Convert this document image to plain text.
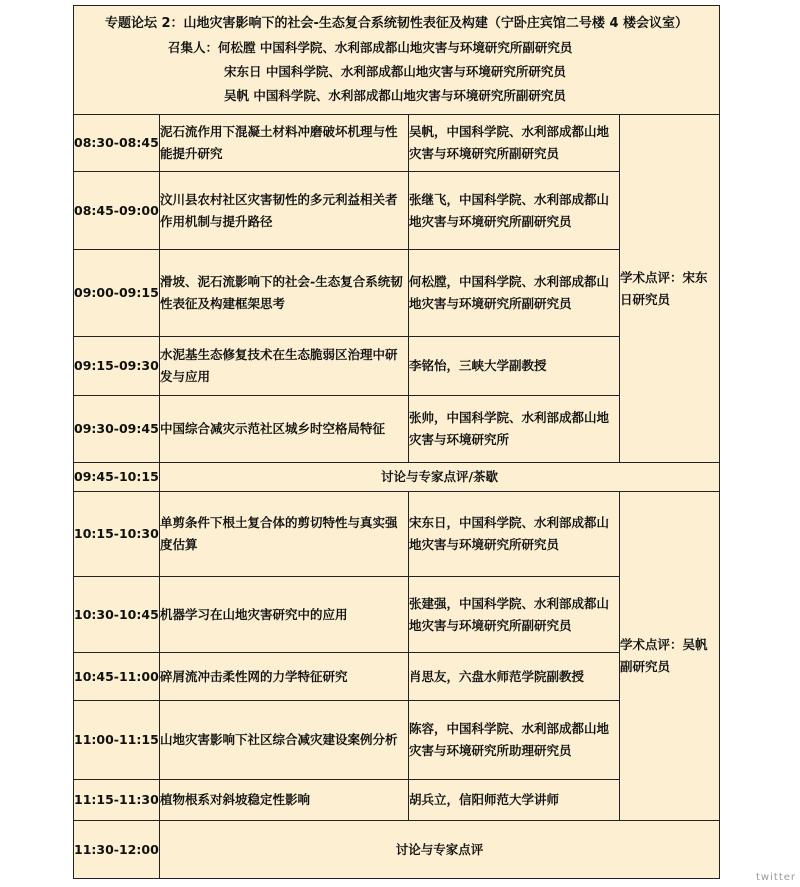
专题论坛 2：山地灾害影响下的社会-生态复合系统韧性表征及构建（宁卧庄宾馆二号楼 4 楼会议室）
召集人：何松膛 中国科学院、水利部成都山地灾害与环境研究所副研究员
宋东日 中国科学院、水利部成都山地灾害与环境研究所研究员
吴帆 中国科学院、水利部成都山地灾害与环境研究所副研究员			

08:30-08:45	泥石流作用下混凝土材料冲磨破坏机理与性能提升研究	吴帆，中国科学院、水利部成都山地灾害与环境研究所副研究员	学术点评：宋东日研究员
08:45-09:00	汶川县农村社区灾害韧性的多元利益相关者作用机制与提升路径	张继飞，中国科学院、水利部成都山地灾害与环境研究所副研究员	
09:00-09:15	滑坡、泥石流影响下的社会-生态复合系统韧性表征及构建框架思考	何松膛，中国科学院、水利部成都山地灾害与环境研究所副研究员	
09:15-09:30	水泥基生态修复技术在生态脆弱区治理中研发与应用	李铭怡，三峡大学副教授	
09:30-09:45	中国综合减灾示范社区城乡时空格局特征	张帅，中国科学院、水利部成都山地灾害与环境研究所	
09:45-10:15	讨论与专家点评/茶歇		
10:15-10:30	单剪条件下根土复合体的剪切特性与真实强度估算	宋东日，中国科学院、水利部成都山地灾害与环境研究所研究员	学术点评：吴帆副研究员
10:30-10:45	机器学习在山地灾害研究中的应用	张建强，中国科学院、水利部成都山地灾害与环境研究所副研究员	
10:45-11:00	碎屑流冲击柔性网的力学特征研究	肖思友，六盘水师范学院副教授	
11:00-11:15	山地灾害影响下社区综合减灾建设案例分析	陈容，中国科学院、水利部成都山地灾害与环境研究所助理研究员	
11:15-11:30	植物根系对斜坡稳定性影响	胡兵立，信阳师范大学讲师	
11:30-12:00	讨论与专家点评		
twitter
